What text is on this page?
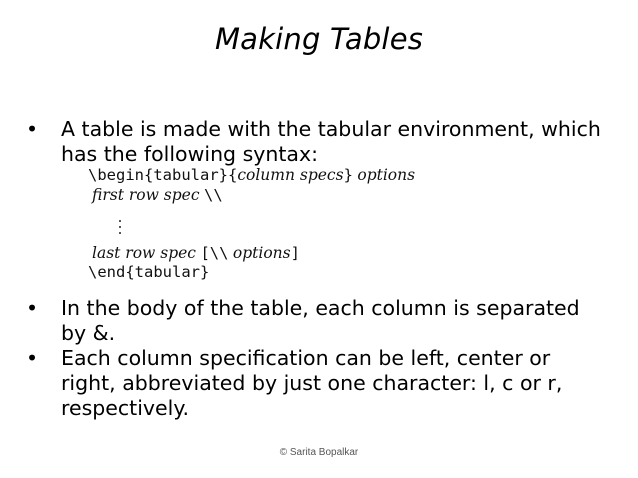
Making Tables
• A table is made with the tabular environment, which has the following syntax:
\begin{tabular}{column specs} options
first row spec \\
last row spec [\\ options]
\end{tabular}
• In the body of the table, each column is separated by &.
• Each column specification can be left, center or right, abbreviated by just one character: l, c or r, respectively.
© Sarita Bopalkar
